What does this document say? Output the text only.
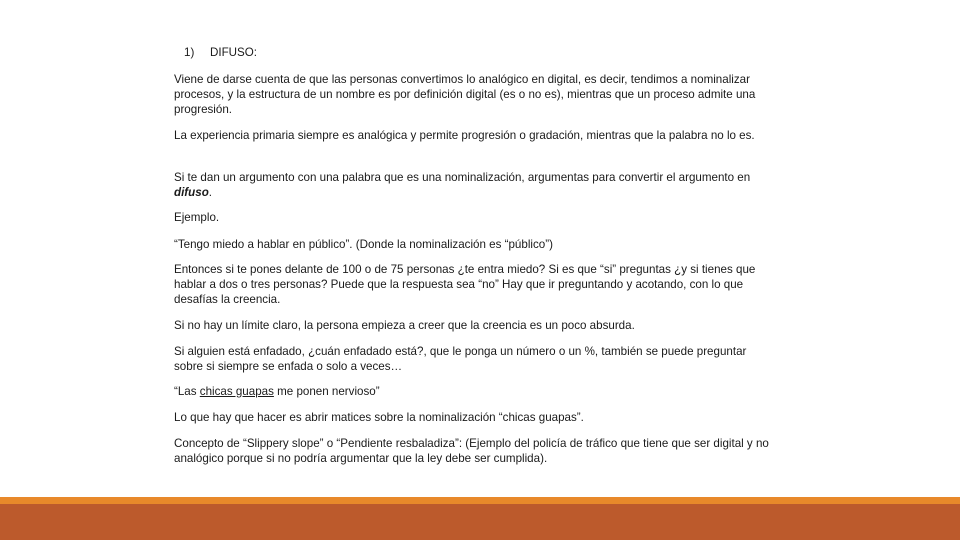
1) DIFUSO:

Viene de darse cuenta de que las personas convertimos lo analógico en digital, es decir, tendimos a nominalizar procesos, y la estructura de un nombre es por definición digital (es o no es), mientras que un proceso admite una progresión.

La experiencia primaria siempre es analógica y permite progresión o gradación, mientras que la palabra no lo es.

Si te dan un argumento con una palabra que es una nominalización, argumentas para convertir el argumento en difuso.

Ejemplo.

“Tengo miedo a hablar en público”. (Donde la nominalización es “público”)

Entonces si te pones delante de 100 o de 75 personas ¿te entra miedo? Si es que “si” preguntas ¿y si tienes que hablar a dos o tres personas? Puede que la respuesta sea “no” Hay que ir preguntando y acotando, con lo que desafías la creencia.

Si no hay un límite claro, la persona empieza a creer que la creencia es un poco absurda.

Si alguien está enfadado, ¿cuán enfadado está?, que le ponga un número o un %, también se puede preguntar sobre si siempre se enfada o solo a veces…

“Las chicas guapas me ponen nervioso”

Lo que hay que hacer es abrir matices sobre la nominalización “chicas guapas”.

Concepto de “Slippery slope” o “Pendiente resbaladiza”: (Ejemplo del policía de tráfico que tiene que ser digital y no analógico porque si no podría argumentar que la ley debe ser cumplida).
